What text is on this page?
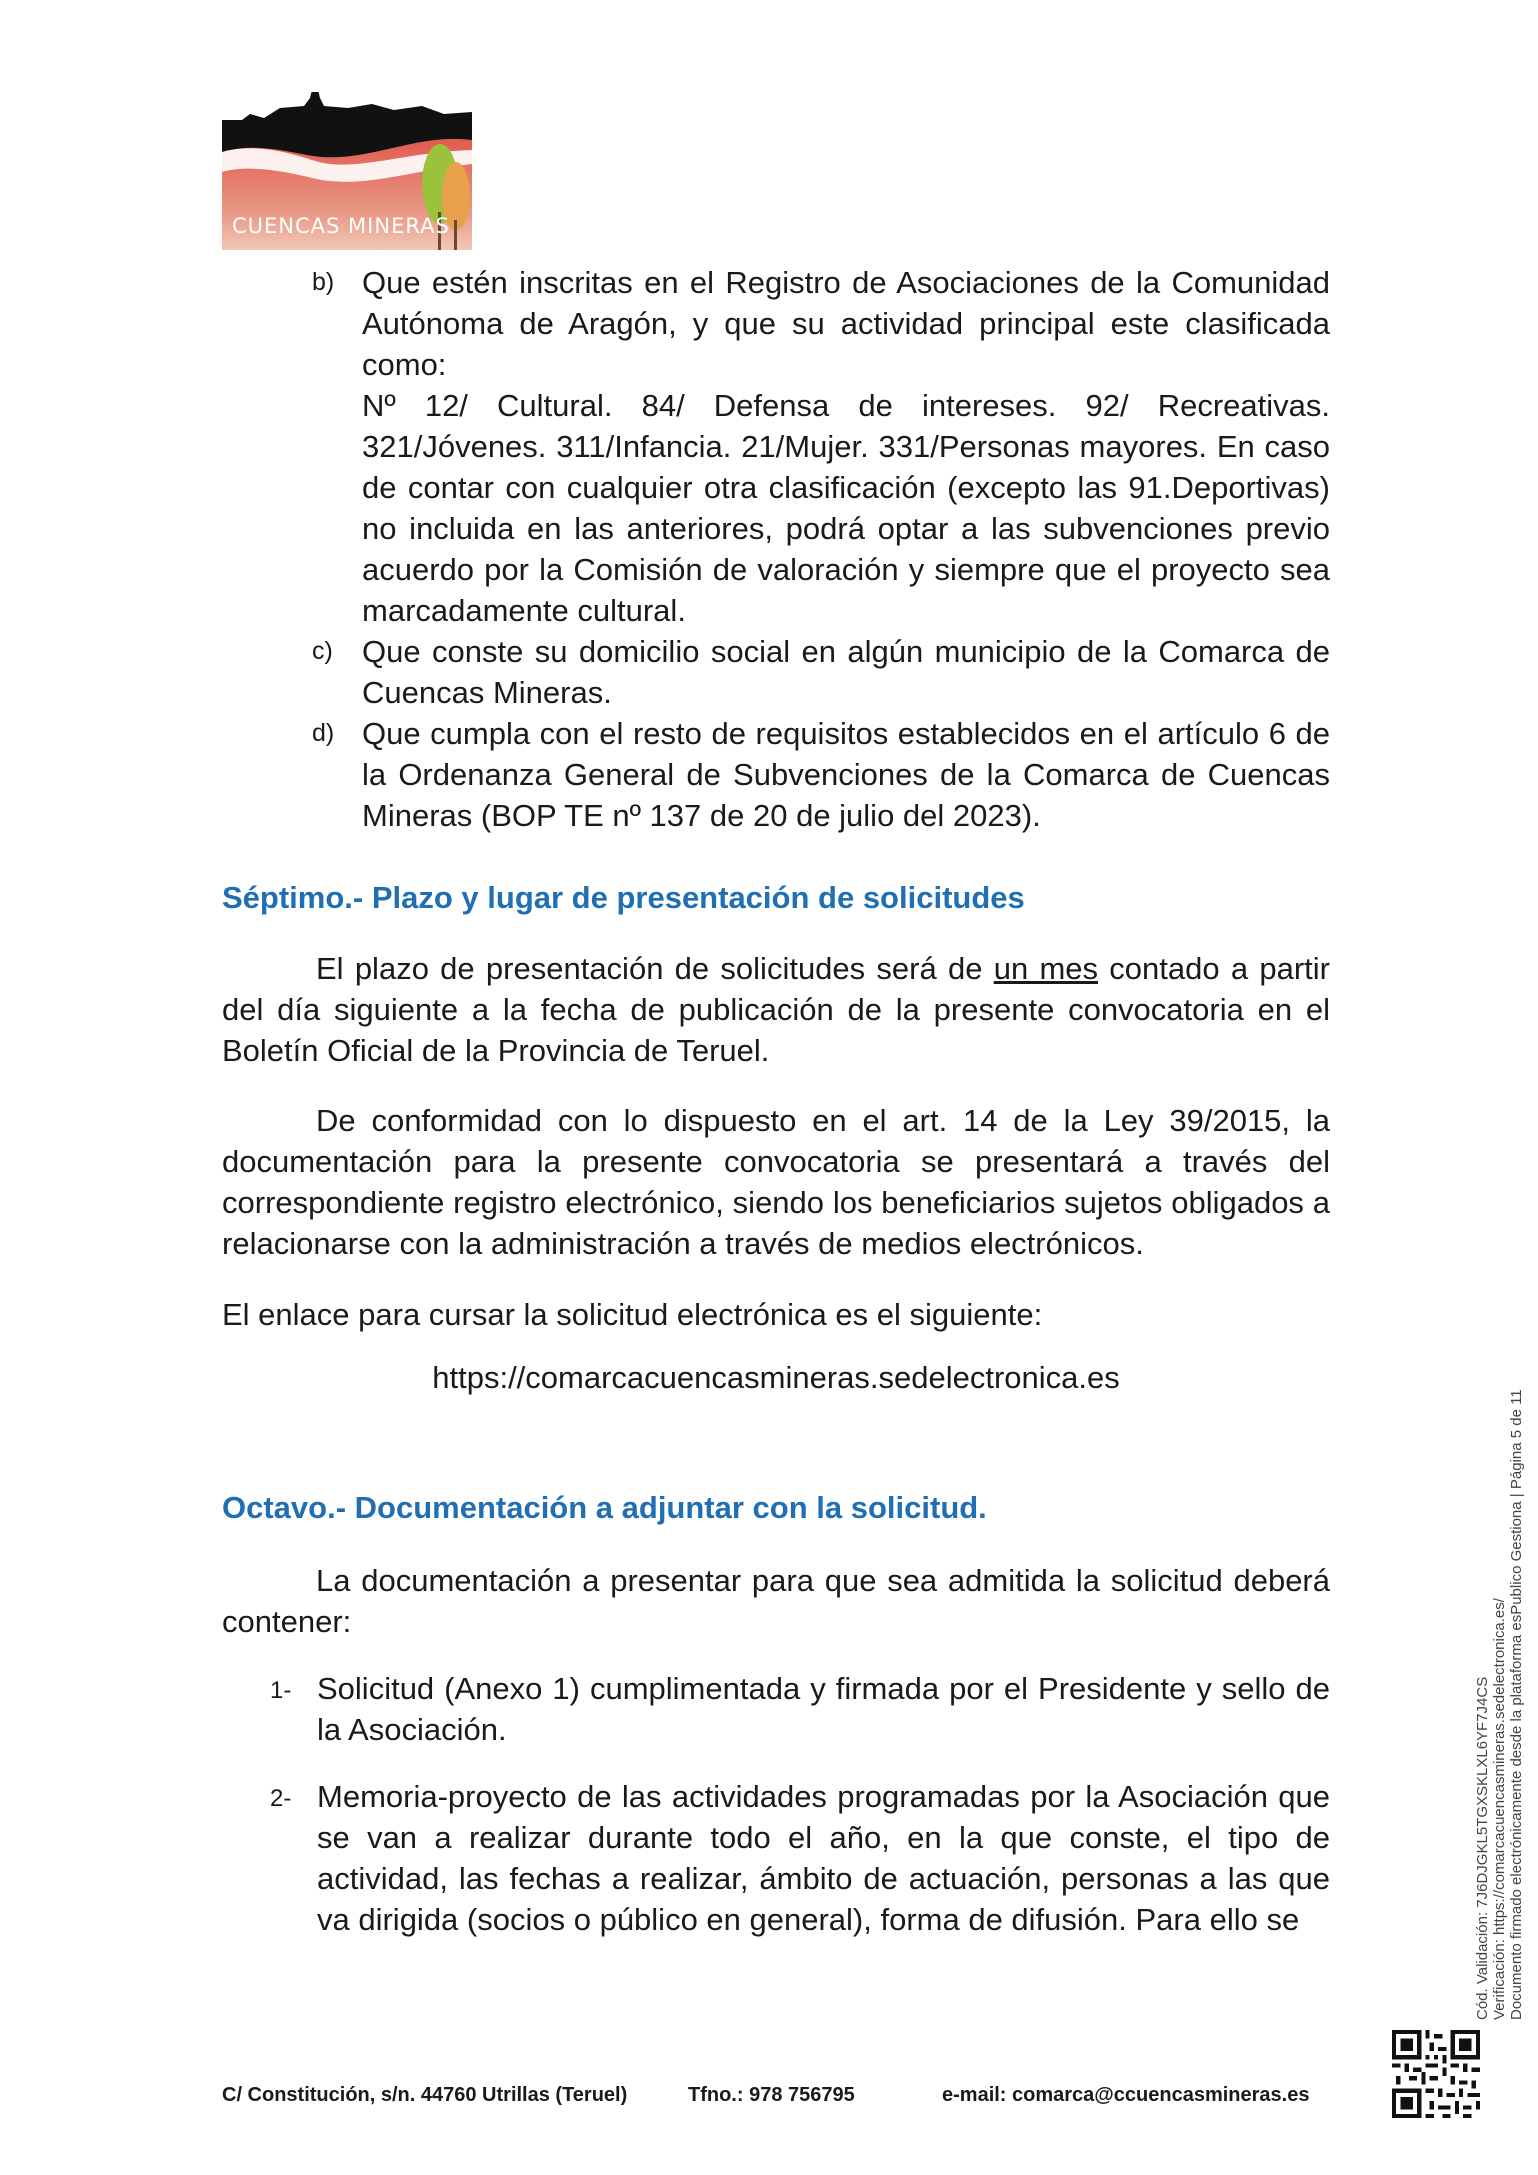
CUENCAS MINERAS
b) Que estén inscritas en el Registro de Asociaciones de la Comunidad Autónoma de Aragón, y que su actividad principal este clasificada como:
Nº 12/ Cultural. 84/ Defensa de intereses. 92/ Recreativas. 321/Jóvenes. 311/Infancia. 21/Mujer. 331/Personas mayores. En caso de contar con cualquier otra clasificación (excepto las 91.Deportivas) no incluida en las anteriores, podrá optar a las subvenciones previo acuerdo por la Comisión de valoración y siempre que el proyecto sea marcadamente cultural.
c) Que conste su domicilio social en algún municipio de la Comarca de Cuencas Mineras.
d) Que cumpla con el resto de requisitos establecidos en el artículo 6 de la Ordenanza General de Subvenciones de la Comarca de Cuencas Mineras (BOP TE nº 137 de 20 de julio del 2023).
Séptimo.- Plazo y lugar de presentación de solicitudes

El plazo de presentación de solicitudes será de un mes contado a partir del día siguiente a la fecha de publicación de la presente convocatoria en el Boletín Oficial de la Provincia de Teruel.

De conformidad con lo dispuesto en el art. 14 de la Ley 39/2015, la documentación para la presente convocatoria se presentará a través del correspondiente registro electrónico, siendo los beneficiarios sujetos obligados a relacionarse con la administración a través de medios electrónicos.

El enlace para cursar la solicitud electrónica es el siguiente:

https://comarcacuencasmineras.sedelectronica.es

Octavo.- Documentación a adjuntar con la solicitud.

La documentación a presentar para que sea admitida la solicitud deberá contener:

1- Solicitud (Anexo 1) cumplimentada y firmada por el Presidente y sello de la Asociación.
2- Memoria-proyecto de las actividades programadas por la Asociación que se van a realizar durante todo el año, en la que conste, el tipo de actividad, las fechas a realizar, ámbito de actuación, personas a las que va dirigida (socios o público en general), forma de difusión. Para ello se	Cód. Validación: 7J6DJGKL5TGXSKLXL6YF7J4CS Verificación: https://comarcacuencasmineras.sedelectronica.es/ Documento firmado electrónicamente desde la plataforma esPublico Gestiona | Página 5 de 11
C/ Constitución, s/n. 44760 Utrillas (Teruel)	Tfno.: 978 756795	e-mail: comarca@ccuencasmineras.es
